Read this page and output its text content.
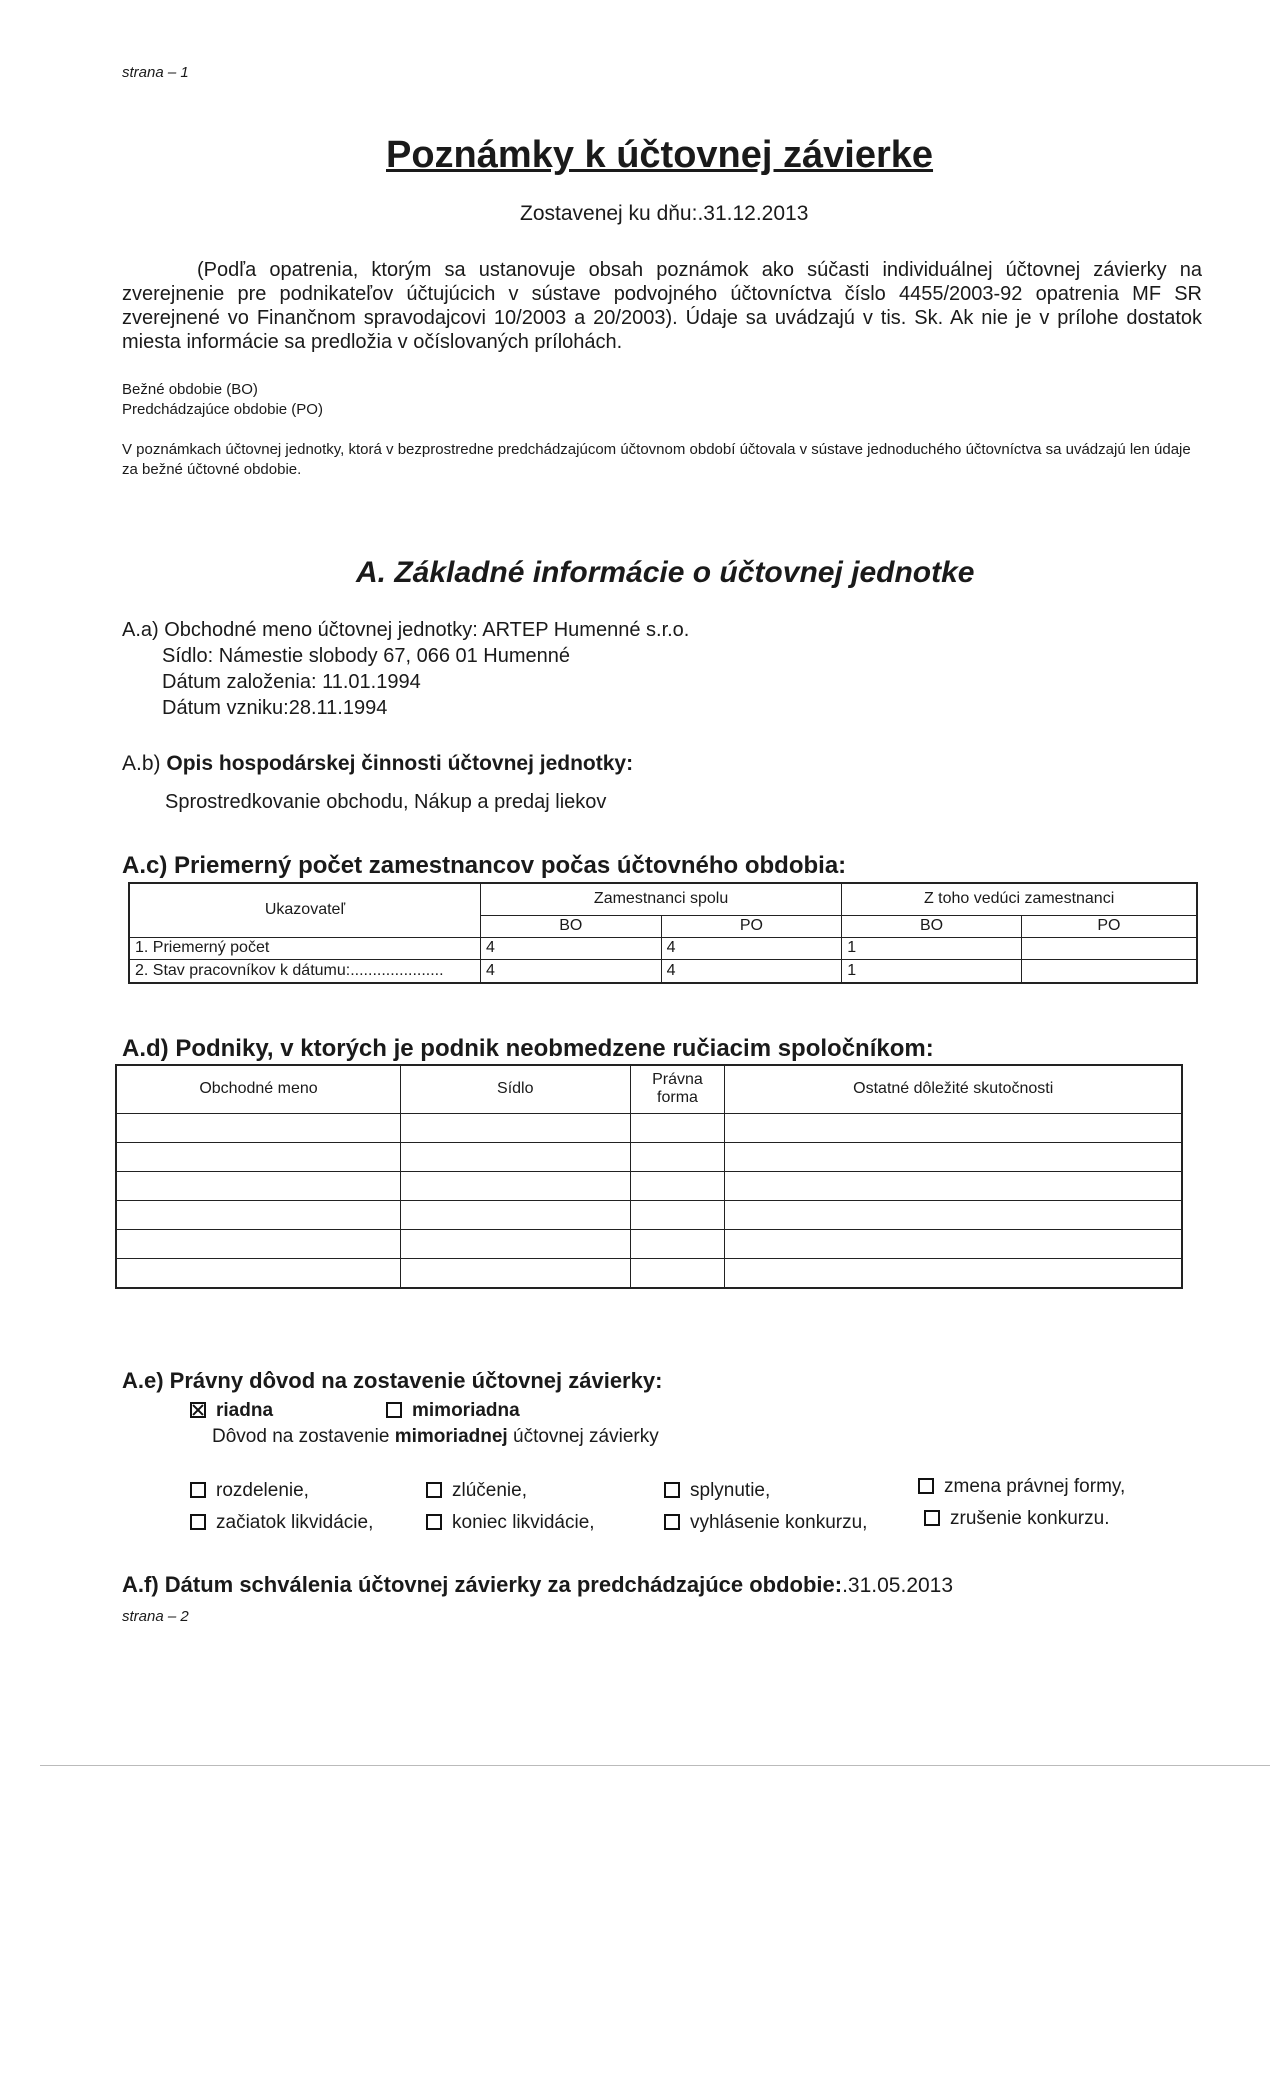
strana – 1
Poznámky k účtovnej závierke
Zostavenej ku dňu:.31.12.2013
(Podľa opatrenia, ktorým sa ustanovuje obsah poznámok ako súčasti individuálnej účtovnej závierky na zverejnenie pre podnikateľov účtujúcich v sústave podvojného účtovníctva číslo 4455/2003-92 opatrenia MF SR zverejnené vo Finančnom spravodajcovi 10/2003 a 20/2003). Údaje sa uvádzajú v tis. Sk. Ak nie je v prílohe dostatok miesta informácie sa predložia v očíslovaných prílohách.
Bežné obdobie (BO)
Predchádzajúce obdobie (PO)
V poznámkach účtovnej jednotky, ktorá v bezprostredne predchádzajúcom účtovnom období účtovala v sústave jednoduchého účtovníctva sa uvádzajú len údaje za bežné účtovné obdobie.
A. Základné informácie o účtovnej jednotke
A.a) Obchodné meno účtovnej jednotky: ARTEP Humenné s.r.o.
Sídlo: Námestie slobody 67, 066 01 Humenné
Dátum založenia: 11.01.1994
Dátum vzniku:28.11.1994
A.b) Opis hospodárskej činnosti účtovnej jednotky:
Sprostredkovanie obchodu, Nákup a predaj liekov
A.c) Priemerný počet zamestnancov počas účtovného obdobia:
Ukazovateľ	Zamestnanci spolu		Z toho vedúci zamestnanci	
	BO	PO	BO	PO
1. Priemerný počet	4	4	1	
2. Stav pracovníkov k dátumu:.....................	4	4	1	
A.d) Podniky, v ktorých je podnik neobmedzene ručiacim spoločníkom:
Obchodné meno	Sídlo	Právna forma	Ostatné dôležité skutočnosti

A.e) Právny dôvod na zostavenie účtovnej závierky:
riadna	mimoriadna
Dôvod na zostavenie mimoriadnej účtovnej závierky
rozdelenie,	zlúčenie,	splynutie,	zmena právnej formy,
začiatok likvidácie,	koniec likvidácie,	vyhlásenie konkurzu,	zrušenie konkurzu.
A.f) Dátum schválenia účtovnej závierky za predchádzajúce obdobie:.31.05.2013
strana – 2
